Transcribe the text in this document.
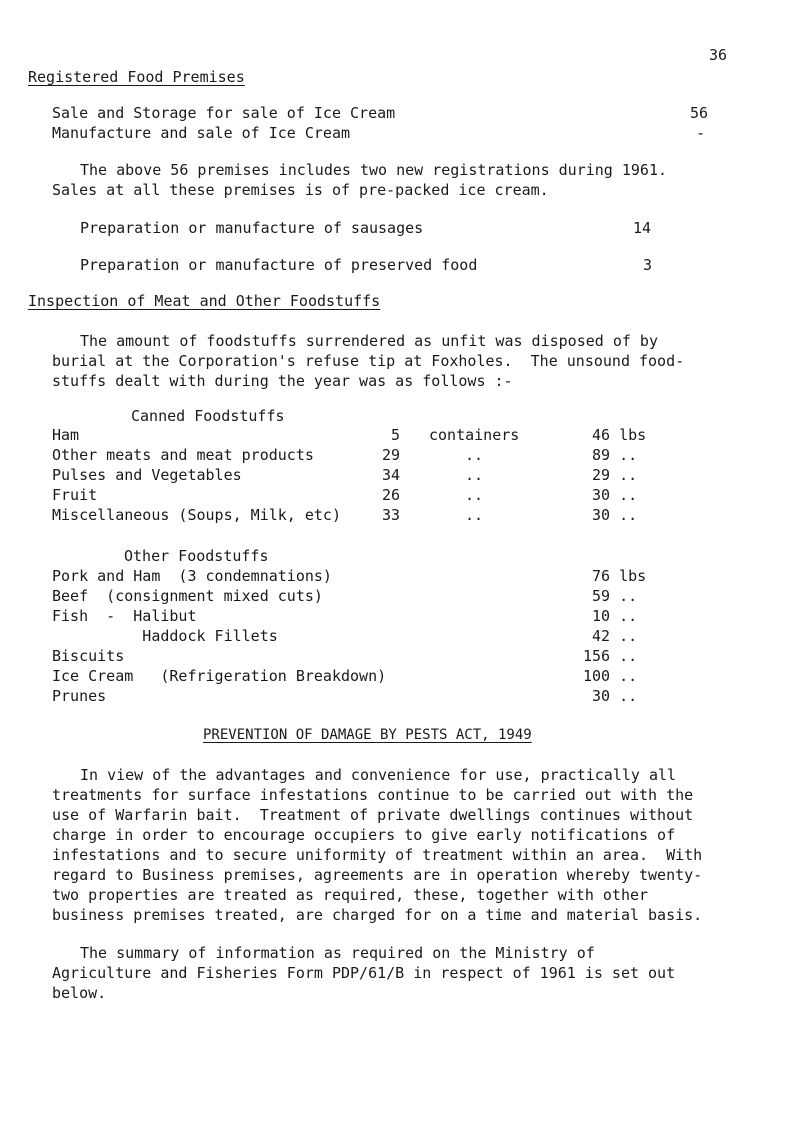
36
Registered Food Premises
Sale and Storage for sale of Ice Cream	56
Manufacture and sale of Ice Cream	-
The above 56 premises includes two new registrations during 1961.
Sales at all these premises is of pre-packed ice cream.
Preparation or manufacture of sausages	14
Preparation or manufacture of preserved food	3
Inspection of Meat and Other Foodstuffs
The amount of foodstuffs surrendered as unfit was disposed of by
burial at the Corporation's refuse tip at Foxholes.  The unsound food-
stuffs dealt with during the year was as follows :-
Canned Foodstuffs
Ham	5 containers	46 lbs
Other meats and meat products	29	..	89 ..
Pulses and Vegetables	34	..	29 ..
Fruit	26	..	30 ..
Miscellaneous (Soups, Milk, etc)	33	..	30 ..
Other Foodstuffs
Pork and Ham  (3 condemnations)	76 lbs
Beef  (consignment mixed cuts)	59 ..
Fish  -  Halibut	10 ..
Haddock Fillets	42 ..
Biscuits	156 ..
Ice Cream   (Refrigeration Breakdown)	100 ..
Prunes	30 ..
PREVENTION OF DAMAGE BY PESTS ACT, 1949
In view of the advantages and convenience for use, practically all
treatments for surface infestations continue to be carried out with the
use of Warfarin bait.  Treatment of private dwellings continues without
charge in order to encourage occupiers to give early notifications of
infestations and to secure uniformity of treatment within an area.  With
regard to Business premises, agreements are in operation whereby twenty-
two properties are treated as required, these, together with other
business premises treated, are charged for on a time and material basis.
The summary of information as required on the Ministry of
Agriculture and Fisheries Form PDP/61/B in respect of 1961 is set out
below.
